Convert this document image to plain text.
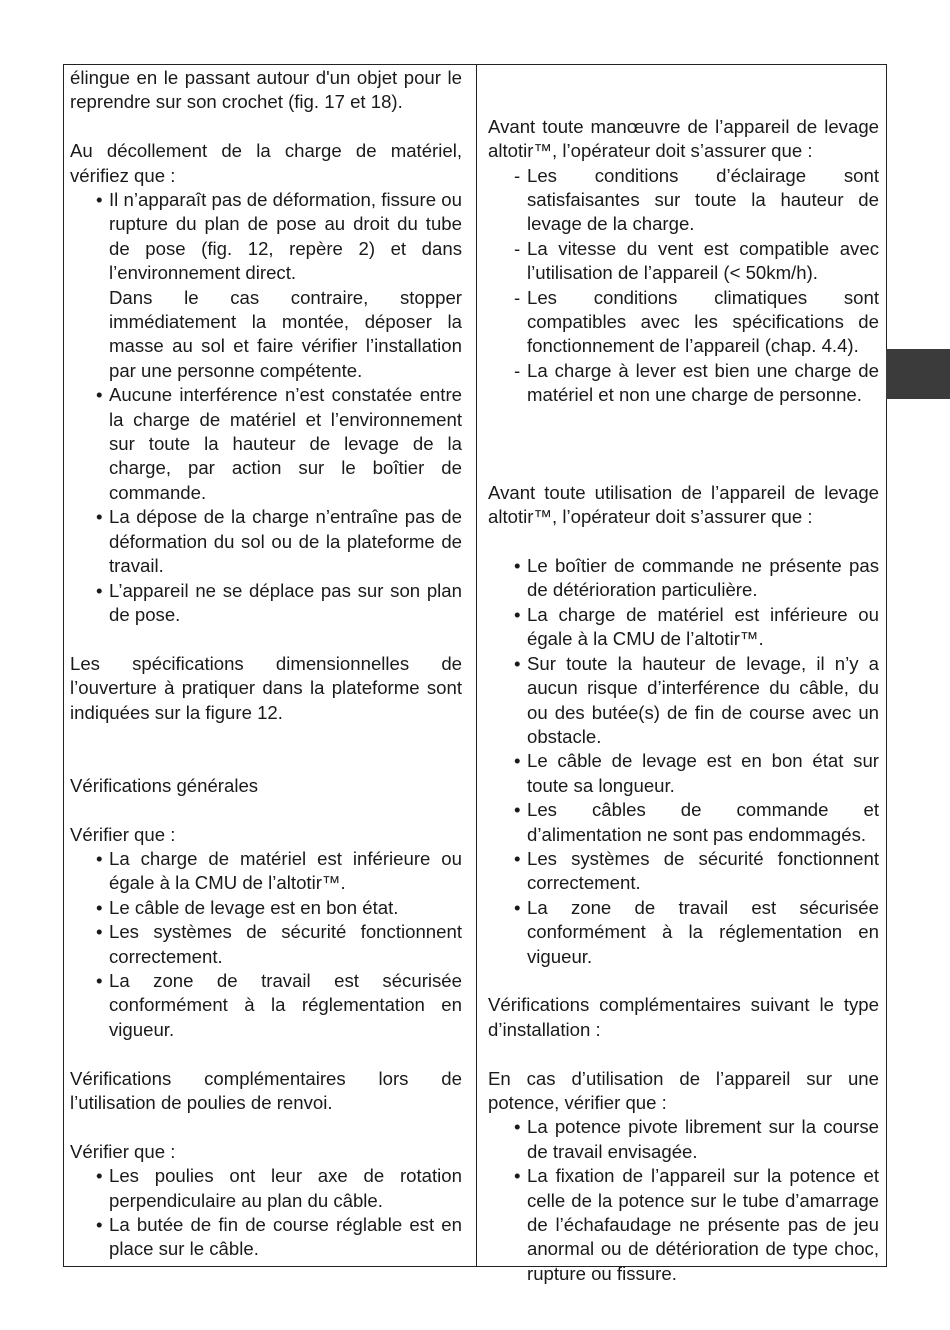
élingue en le passant autour d'un objet pour le reprendre sur son crochet (fig. 17 et 18).

Au décollement de la charge de matériel, vérifiez que :

• Il n’apparaît pas de déformation, fissure ou rupture du plan de pose au droit du tube de pose (fig. 12, repère 2) et dans l’environnement direct.
Dans le cas contraire, stopper immédiatement la montée, déposer la masse au sol et faire vérifier l’installation par une personne compétente.
• Aucune interférence n’est constatée entre la charge de matériel et l’environnement sur toute la hauteur de levage de la charge, par action sur le boîtier de commande.
• La dépose de la charge n’entraîne pas de déformation du sol ou de la plateforme de travail.
• L’appareil ne se déplace pas sur son plan de pose.

Les spécifications dimensionnelles de l’ouverture à pratiquer dans la plateforme sont indiquées sur la figure 12.

Vérifications générales

Vérifier que :

• La charge de matériel est inférieure ou égale à la CMU de l’altotir™.
• Le câble de levage est en bon état.
• Les systèmes de sécurité fonctionnent correctement.
• La zone de travail est sécurisée conformément à la réglementation en vigueur.

Vérifications complémentaires lors de l’utilisation de poulies de renvoi.

Vérifier que :

• Les poulies ont leur axe de rotation perpendiculaire au plan du câble.
• La butée de fin de course réglable est en place sur le câble.

Avant toute manœuvre de l’appareil de levage altotir™, l’opérateur doit s’assurer que :

- Les conditions d’éclairage sont satisfaisantes sur toute la hauteur de levage de la charge.
- La vitesse du vent est compatible avec l’utilisation de l’appareil (< 50km/h).
- Les conditions climatiques sont compatibles avec les spécifications de fonctionnement de l’appareil (chap. 4.4).
- La charge à lever est bien une charge de matériel et non une charge de personne.

Avant toute utilisation de l’appareil de levage altotir™, l’opérateur doit s’assurer que :

• Le boîtier de commande ne présente pas de détérioration particulière.
• La charge de matériel est inférieure ou égale à la CMU de l’altotir™.
• Sur toute la hauteur de levage, il n’y a aucun risque d’interférence du câble, du ou des butée(s) de fin de course avec un obstacle.
• Le câble de levage est en bon état sur toute sa longueur.
• Les câbles de commande et d’alimentation ne sont pas endommagés.
• Les systèmes de sécurité fonctionnent correctement.
• La zone de travail est sécurisée conformément à la réglementation en vigueur.

Vérifications complémentaires suivant le type d’installation :

En cas d’utilisation de l’appareil sur une potence, vérifier que :

• La potence pivote librement sur la course de travail envisagée.
• La fixation de l’appareil sur la potence et celle de la potence sur le tube d’amarrage de l’échafaudage ne présente pas de jeu anormal ou de détérioration de type choc, rupture ou fissure.
